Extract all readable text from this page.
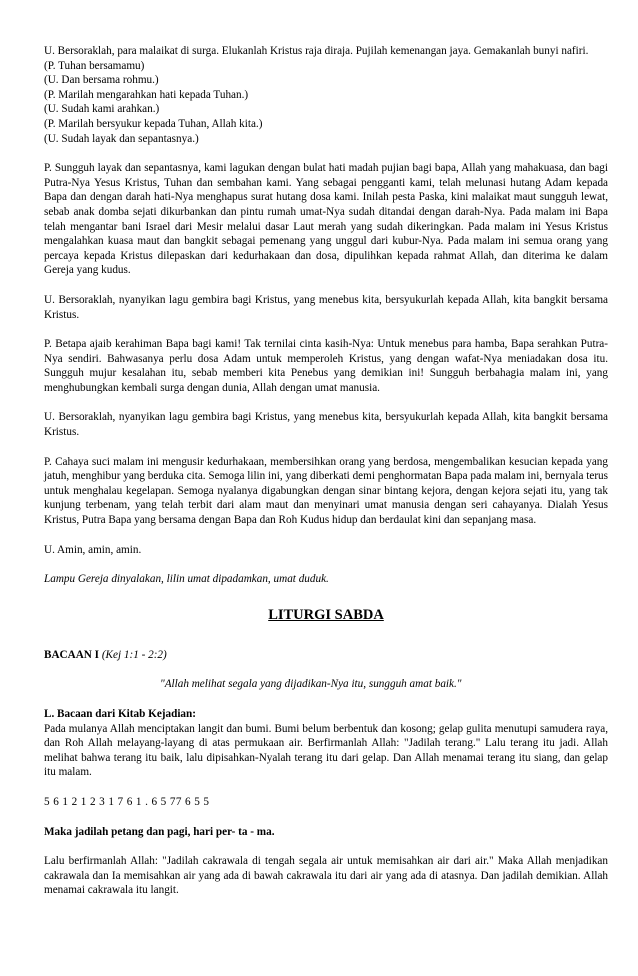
U. Bersoraklah, para malaikat di surga. Elukanlah Kristus raja diraja. Pujilah kemenangan jaya. Gemakanlah bunyi nafiri.

(P. Tuhan bersamamu)
(U. Dan bersama rohmu.)
(P. Marilah mengarahkan hati kepada Tuhan.)
(U. Sudah kami arahkan.)
(P. Marilah bersyukur kepada Tuhan, Allah kita.)
(U. Sudah layak dan sepantasnya.)

P. Sungguh layak dan sepantasnya, kami lagukan dengan bulat hati madah pujian bagi bapa, Allah yang mahakuasa, dan bagi Putra-Nya Yesus Kristus, Tuhan dan sembahan kami. Yang sebagai pengganti kami, telah melunasi hutang Adam kepada Bapa dan dengan darah hati-Nya menghapus surat hutang dosa kami. Inilah pesta Paska, kini malaikat maut sungguh lewat, sebab anak domba sejati dikurbankan dan pintu rumah umat-Nya sudah ditandai dengan darah-Nya. Pada malam ini Bapa telah mengantar bani Israel dari Mesir melalui dasar Laut merah yang sudah dikeringkan. Pada malam ini Yesus Kristus mengalahkan kuasa maut dan bangkit sebagai pemenang yang unggul dari kubur-Nya. Pada malam ini semua orang yang percaya kepada Kristus dilepaskan dari kedurhakaan dan dosa, dipulihkan kepada rahmat Allah, dan diterima ke dalam Gereja yang kudus.

U. Bersoraklah, nyanyikan lagu gembira bagi Kristus, yang menebus kita, bersyukurlah kepada Allah, kita bangkit bersama Kristus.

P. Betapa ajaib kerahiman Bapa bagi kami! Tak ternilai cinta kasih-Nya: Untuk menebus para hamba, Bapa serahkan Putra-Nya sendiri. Bahwasanya perlu dosa Adam untuk memperoleh Kristus, yang dengan wafat-Nya meniadakan dosa itu. Sungguh mujur kesalahan itu, sebab memberi kita Penebus yang demikian ini! Sungguh berbahagia malam ini, yang menghubungkan kembali surga dengan dunia, Allah dengan umat manusia.

U. Bersoraklah, nyanyikan lagu gembira bagi Kristus, yang menebus kita, bersyukurlah kepada Allah, kita bangkit bersama Kristus.

P. Cahaya suci malam ini mengusir kedurhakaan, membersihkan orang yang berdosa, mengembalikan kesucian kepada yang jatuh, menghibur yang berduka cita. Semoga lilin ini, yang diberkati demi penghormatan Bapa pada malam ini, bernyala terus untuk menghalau kegelapan. Semoga nyalanya digabungkan dengan sinar bintang kejora, dengan kejora sejati itu, yang tak kunjung terbenam, yang telah terbit dari alam maut dan menyinari umat manusia dengan seri cahayanya. Dialah Yesus Kristus, Putra Bapa yang bersama dengan Bapa dan Roh Kudus hidup dan berdaulat kini dan sepanjang masa.

U. Amin, amin, amin.

Lampu Gereja dinyalakan, lilin umat dipadamkan, umat duduk.

LITURGI SABDA

BACAAN I (Kej 1:1 - 2:2)

"Allah melihat segala yang dijadikan-Nya itu, sungguh amat baik."

L. Bacaan dari Kitab Kejadian:

Pada mulanya Allah menciptakan langit dan bumi. Bumi belum berbentuk dan kosong; gelap gulita menutupi samudera raya, dan Roh Allah melayang-layang di atas permukaan air. Berfirmanlah Allah: "Jadilah terang." Lalu terang itu jadi. Allah melihat bahwa terang itu baik, lalu dipisahkan-Nyalah terang itu dari gelap. Dan Allah menamai terang itu siang, dan gelap itu malam.

5 6 1 2 1 2 3 1 7 6 1 . 6 5 77 6 5 5

Maka jadilah petang dan pagi, hari per- ta - ma.

Lalu berfirmanlah Allah: "Jadilah cakrawala di tengah segala air untuk memisahkan air dari air." Maka Allah menjadikan cakrawala dan Ia memisahkan air yang ada di bawah cakrawala itu dari air yang ada di atasnya. Dan jadilah demikian. Allah menamai cakrawala itu langit.
